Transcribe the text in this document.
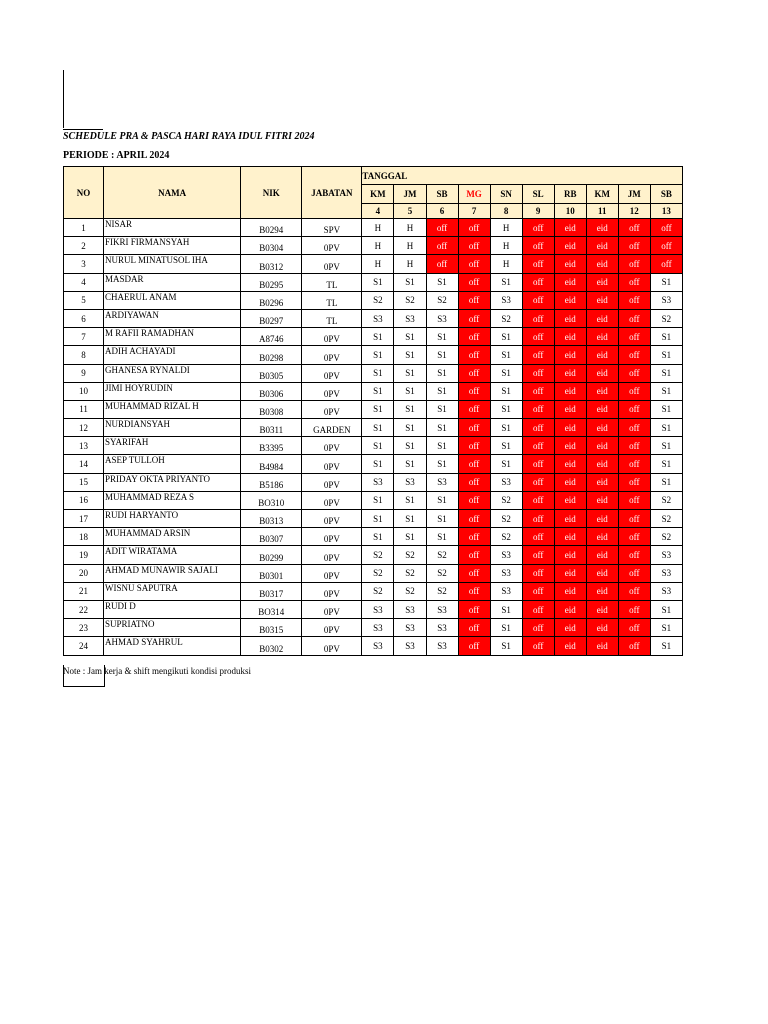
SCHEDULE PRA & PASCA HARI RAYA IDUL FITRI 2024
PERIODE : APRIL 2024
NO	NAMA	NIK	JABATAN	TANGGAL									
				KM	JM	SB	MG	SN	SL	RB	KM	JM	SB
				4	5	6	7	8	9	10	11	12	13
1	NISAR	B0294	SPV	H	H	off	off	H	off	eid	eid	off	off
2	FIKRI FIRMANSYAH	B0304	0PV	H	H	off	off	H	off	eid	eid	off	off
3	NURUL MINATUSOL IHA	B0312	0PV	H	H	off	off	H	off	eid	eid	off	off
4	MASDAR	B0295	TL	S1	S1	S1	off	S1	off	eid	eid	off	S1
5	CHAERUL ANAM	B0296	TL	S2	S2	S2	off	S3	off	eid	eid	off	S3
6	ARDIYAWAN	B0297	TL	S3	S3	S3	off	S2	off	eid	eid	off	S2
7	M RAFII RAMADHAN	A8746	0PV	S1	S1	S1	off	S1	off	eid	eid	off	S1
8	ADIH ACHAYADI	B0298	0PV	S1	S1	S1	off	S1	off	eid	eid	off	S1
9	GHANESA RYNALDI	B0305	0PV	S1	S1	S1	off	S1	off	eid	eid	off	S1
10	JIMI HOYRUDIN	B0306	0PV	S1	S1	S1	off	S1	off	eid	eid	off	S1
11	MUHAMMAD RIZAL H	B0308	0PV	S1	S1	S1	off	S1	off	eid	eid	off	S1
12	NURDIANSYAH	B0311	GARDEN	S1	S1	S1	off	S1	off	eid	eid	off	S1
13	SYARIFAH	B3395	0PV	S1	S1	S1	off	S1	off	eid	eid	off	S1
14	ASEP TULLOH	B4984	0PV	S1	S1	S1	off	S1	off	eid	eid	off	S1
15	PRIDAY OKTA PRIYANTO	B5186	0PV	S3	S3	S3	off	S3	off	eid	eid	off	S1
16	MUHAMMAD REZA S	BO310	0PV	S1	S1	S1	off	S2	off	eid	eid	off	S2
17	RUDI HARYANTO	B0313	0PV	S1	S1	S1	off	S2	off	eid	eid	off	S2
18	MUHAMMAD ARSIN	B0307	0PV	S1	S1	S1	off	S2	off	eid	eid	off	S2
19	ADIT WIRATAMA	B0299	0PV	S2	S2	S2	off	S3	off	eid	eid	off	S3
20	AHMAD MUNAWIR SAJALI	B0301	0PV	S2	S2	S2	off	S3	off	eid	eid	off	S3
21	WISNU SAPUTRA	B0317	0PV	S2	S2	S2	off	S3	off	eid	eid	off	S3
22	RUDI D	BO314	0PV	S3	S3	S3	off	S1	off	eid	eid	off	S1
23	SUPRIATNO	B0315	0PV	S3	S3	S3	off	S1	off	eid	eid	off	S1
24	AHMAD SYAHRUL	B0302	0PV	S3	S3	S3	off	S1	off	eid	eid	off	S1
Note : Jam kerja & shift mengikuti kondisi produksi
